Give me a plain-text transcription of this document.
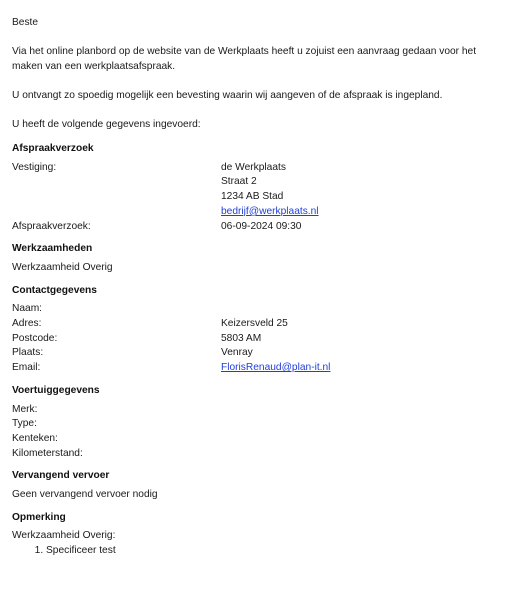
Beste

Via het online planbord op de website van de Werkplaats heeft u zojuist een aanvraag gedaan voor het maken van een werkplaatsafspraak.

U ontvangt zo spoedig mogelijk een bevesting waarin wij aangeven of de afspraak is ingepland.

U heeft de volgende gegevens ingevoerd:

Afspraakverzoek
Vestiging:	de Werkplaats
Straat 2
1234 AB Stad
bedrijf@werkplaats.nl
Afspraakverzoek:	06-09-2024 09:30
Werkzaamheden

Werkzaamheid Overig

Contactgegevens
Naam:
Adres:	Keizersveld 25
Postcode:	5803 AM
Plaats:	Venray
Email:	FlorisRenaud@plan-it.nl
Voertuiggegevens
Merk:
Type:
Kenteken:
Kilometerstand:
Vervangend vervoer

Geen vervangend vervoer nodig

Opmerking

Werkzaamheid Overig:

1. Specificeer test
